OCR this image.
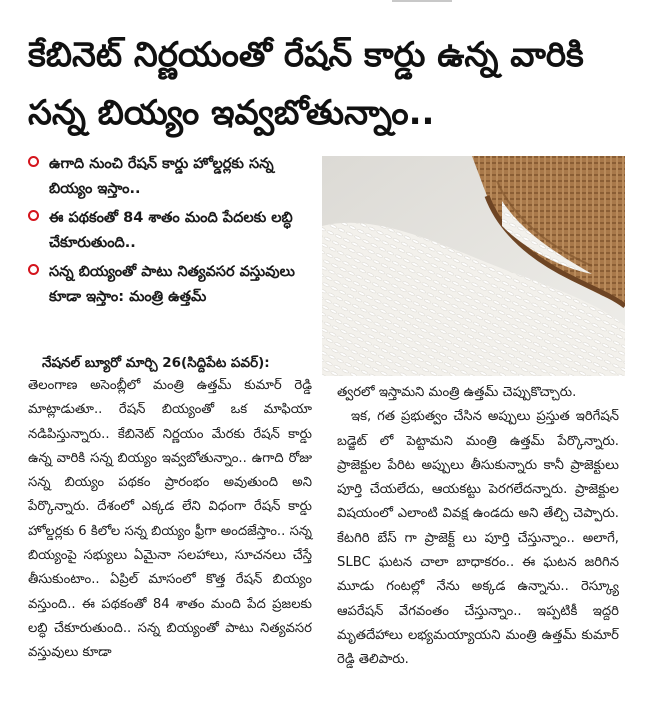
కేబినెట్ నిర్ణయంతో రేషన్ కార్డు ఉన్న వారికి సన్న బియ్యం ఇవ్వబోతున్నాం..
ఉగాది నుంచి రేషన్ కార్డు హోల్డర్లకు సన్న బియ్యం ఇస్తాం..
ఈ పథకంతో 84 శాతం మంది పేదలకు లబ్ధి చేకూరుతుంది..
సన్న బియ్యంతో పాటు నిత్యవసర వస్తువులు కూడా ఇస్తాం: మంత్రి ఉత్తమ్
నేషనల్ బ్యూరో మార్చి 26(సిద్దిపేట పవర్):

తెలంగాణ అసెంబ్లీలో మంత్రి ఉత్తమ్ కుమార్ రెడ్డి మాట్లాడుతూ.. రేషన్ బియ్యంతో ఒక మాఫియా నడిపిస్తున్నారు.. కేబినెట్ నిర్ణయం మేరకు రేషన్ కార్డు ఉన్న వారికి సన్న బియ్యం ఇవ్వబోతున్నాం.. ఉగాది రోజు సన్న బియ్యం పథకం ప్రారంభం అవుతుంది అని పేర్కొన్నారు. దేశంలో ఎక్కడ లేని విధంగా రేషన్ కార్డు హోల్డర్లకు 6 కిలోల సన్న బియ్యం ఫ్రీగా అందజేస్తాం.. సన్న బియ్యంపై సభ్యులు ఏమైనా సలహాలు, సూచనలు చేస్తే తీసుకుంటాం.. ఏప్రిల్ మాసంలో కొత్త రేషన్ బియ్యం వస్తుంది.. ఈ పథకంతో 84 శాతం మంది పేద ప్రజలకు లబ్ధి చేకూరుతుంది.. సన్న బియ్యంతో పాటు నిత్యవసర వస్తువులు కూడా

త్వరలో ఇస్తామని మంత్రి ఉత్తమ్ చెప్పుకొచ్చారు.

ఇక, గత ప్రభుత్వం చేసిన అప్పులు ప్రస్తుత ఇరిగేషన్ బడ్జెట్ లో పెట్టామని మంత్రి ఉత్తమ్ పేర్కొన్నారు. ప్రాజెక్టుల పేరిట అప్పులు తీసుకున్నారు కానీ ప్రాజెక్టులు పూర్తి చేయలేదు, ఆయకట్టు పెరగలేదన్నారు. ప్రాజెక్టుల విషయంలో ఎలాంటి వివక్ష ఉండదు అని తేల్చి చెప్పారు. కేటగిరి బేస్ గా ప్రాజెక్ట్ లు పూర్తి చేస్తున్నాం.. అలాగే, SLBC ఘటన చాలా బాధాకరం.. ఈ ఘటన జరిగిన మూడు గంటల్లో నేను అక్కడ ఉన్నాను.. రెస్క్యూ ఆపరేషన్ వేగవంతం చేస్తున్నాం.. ఇప్పటికీ ఇద్దరి మృతదేహాలు లభ్యమయ్యాయని మంత్రి ఉత్తమ్ కుమార్ రెడ్డి తెలిపారు.
